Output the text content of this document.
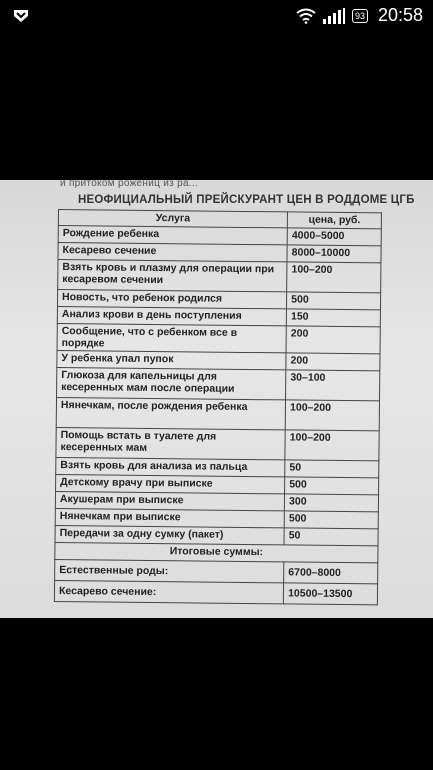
93 20:58
и притоком рожениц из ра...
НЕОФИЦИАЛЬНЫЙ ПРЕЙСКУРАНТ ЦЕН В РОДДОМЕ ЦГБ
Услуга	цена, руб.
Рождение ребенка	4000–5000
Кесарево сечение	8000–10000
Взять кровь и плазму для операции при кесаревом сечении	100–200
Новость, что ребенок родился	500
Анализ крови в день поступления	150
Сообщение, что с ребенком все в порядке	200
У ребенка упал пупок	200
Глюкоза для капельницы для кесеренных мам после операции	30–100
Нянечкам, после рождения ребенка	100–200
Помощь встать в туалете для кесеренных мам	100–200
Взять кровь для анализа из пальца	50
Детскому врачу при выписке	500
Акушерам при выписке	300
Нянечкам при выписке	500
Передачи за одну сумку (пакет)	50
Итоговые суммы:	
Естественные роды:	6700–8000
Кесарево сечение:	10500–13500
